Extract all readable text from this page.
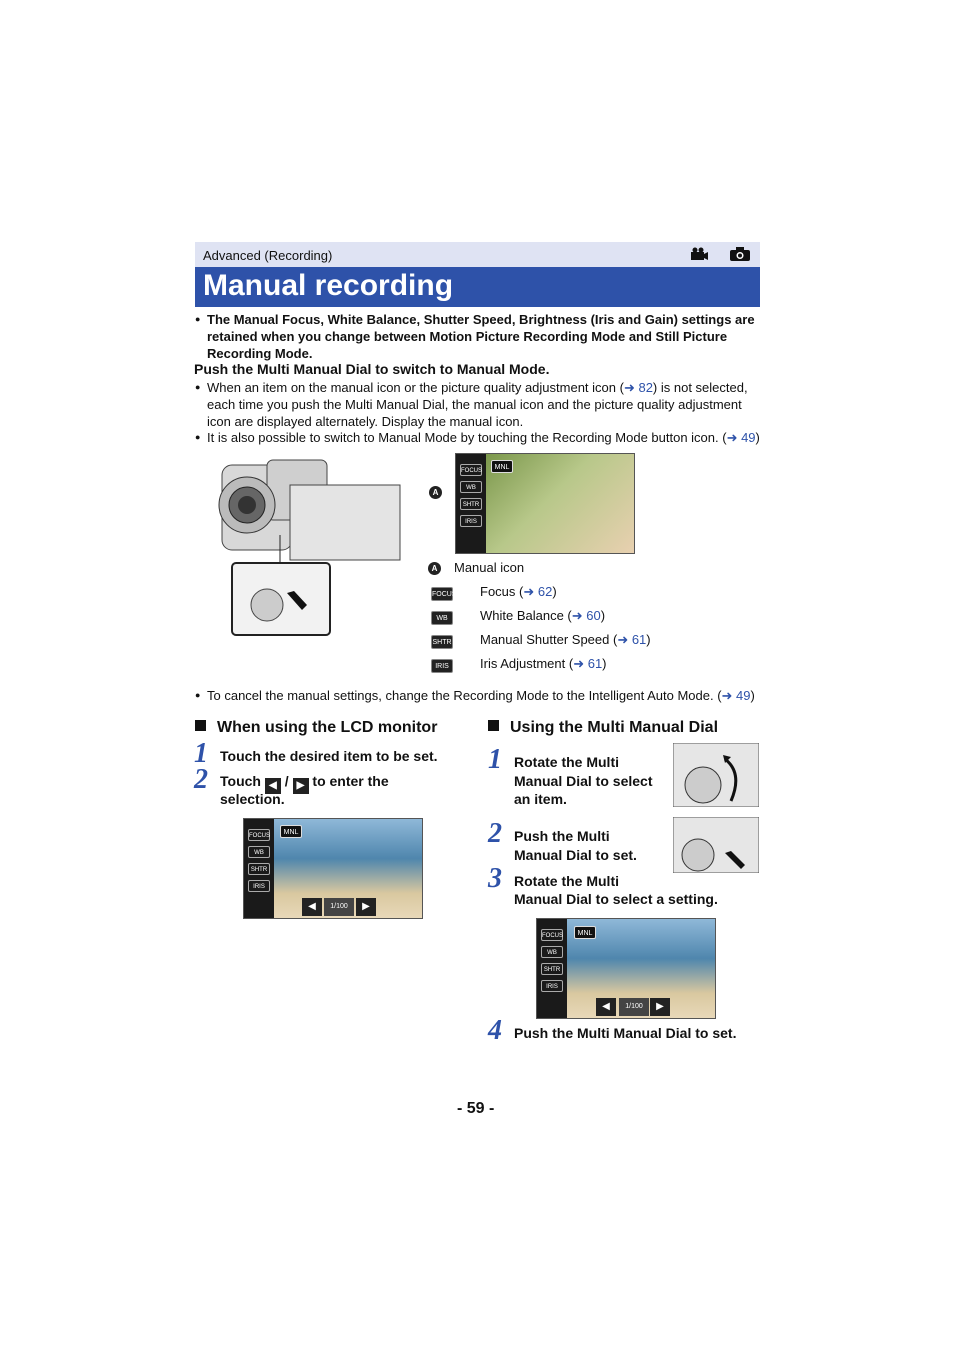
Advanced (Recording)
Manual recording
● The Manual Focus, White Balance, Shutter Speed, Brightness (Iris and Gain) settings are retained when you change between Motion Picture Recording Mode and Still Picture Recording Mode.
Push the Multi Manual Dial to switch to Manual Mode.
● When an item on the manual icon or the picture quality adjustment icon (➜ 82) is not selected, each time you push the Multi Manual Dial, the manual icon and the picture quality adjustment icon are displayed alternately. Display the manual icon.
● It is also possible to switch to Manual Mode by touching the Recording Mode button icon. (➜ 49)
A
FOCUS
WB
SHTR
IRIS
MNL
A Manual icon
FOCUS Focus (➜ 62)
WB	White Balance (➜ 60)
SHTR Manual Shutter Speed (➜ 61)
IRIS	Iris Adjustment (➜ 61)
● To cancel the manual settings, change the Recording Mode to the Intelligent Auto Mode. (➜ 49)
When using the LCD monitor
1 Touch the desired item to be set.
2 Touch ◀ / ▶ to enter the
selection.
FOCUS
WB
SHTR
IRIS
MNL
◀	1/100	▶
Using the Multi Manual Dial
1 Rotate the Multi
Manual Dial to select
an item.
2 Push the Multi
Manual Dial to set.
3 Rotate the Multi
Manual Dial to select a setting.
FOCUS
WB
SHTR
IRIS
MNL
◀	1/100	▶
4 Push the Multi Manual Dial to set.
- 59 -
